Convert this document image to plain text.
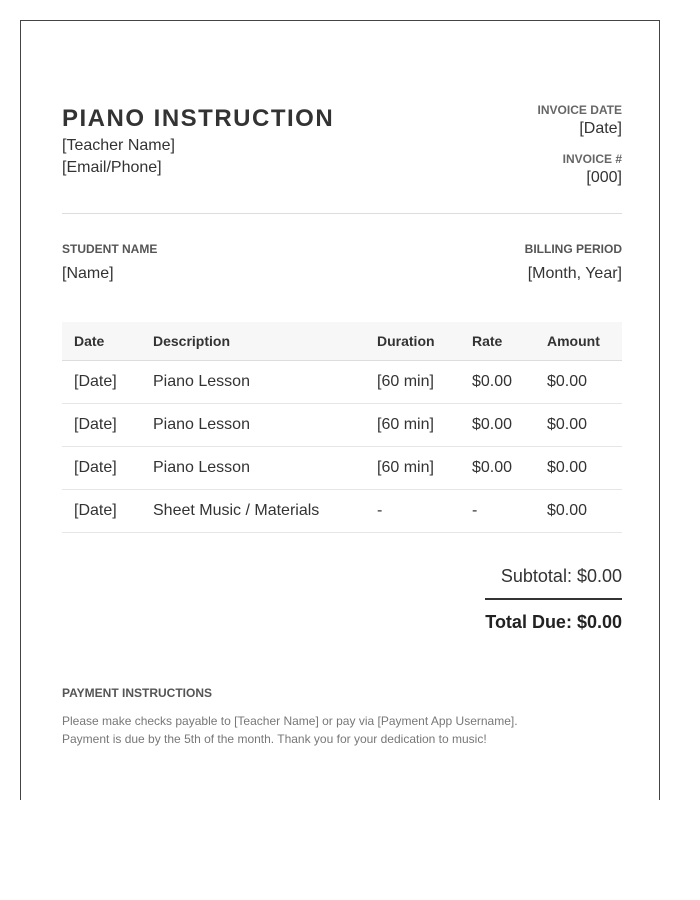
PIANO INSTRUCTION
[Teacher Name]
[Email/Phone]
INVOICE DATE
[Date]
INVOICE #
[000]
STUDENT NAME
[Name]
BILLING PERIOD
[Month, Year]
Date	Description	Duration	Rate	Amount
[Date]	Piano Lesson	[60 min]	$0.00	$0.00
[Date]	Piano Lesson	[60 min]	$0.00	$0.00
[Date]	Piano Lesson	[60 min]	$0.00	$0.00
[Date]	Sheet Music / Materials	-	-	$0.00
Subtotal: $0.00
Total Due: $0.00
PAYMENT INSTRUCTIONS
Please make checks payable to [Teacher Name] or pay via [Payment App Username].
Payment is due by the 5th of the month. Thank you for your dedication to music!
